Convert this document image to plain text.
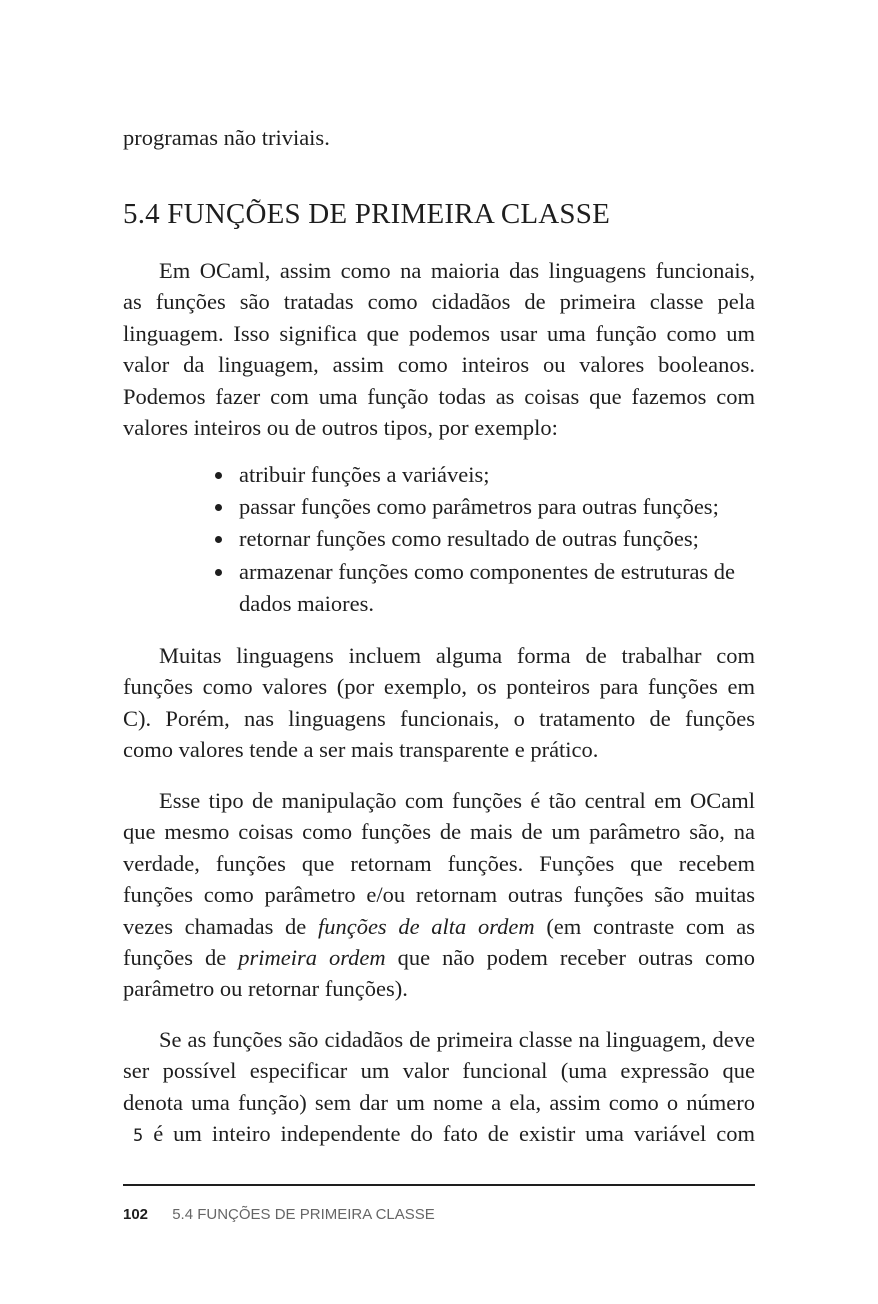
programas não triviais.

5.4 FUNÇÕES DE PRIMEIRA CLASSE

Em OCaml, assim como na maioria das linguagens funcionais,

as funções são tratadas como cidadãos de primeira classe pela

linguagem. Isso significa que podemos usar uma função como um

valor da linguagem, assim como inteiros ou valores booleanos.

Podemos fazer com uma função todas as coisas que fazemos com

valores inteiros ou de outros tipos, por exemplo:

atribuir funções a variáveis;
passar funções como parâmetros para outras funções;
retornar funções como resultado de outras funções;
armazenar funções como componentes de estruturas de dados maiores.

Muitas linguagens incluem alguma forma de trabalhar com

funções como valores (por exemplo, os ponteiros para funções em

C). Porém, nas linguagens funcionais, o tratamento de funções

como valores tende a ser mais transparente e prático.

Esse tipo de manipulação com funções é tão central em OCaml

que mesmo coisas como funções de mais de um parâmetro são, na

verdade, funções que retornam funções. Funções que recebem

funções como parâmetro e/ou retornam outras funções são muitas

vezes chamadas de funções de alta ordem (em contraste com as

funções de primeira ordem que não podem receber outras como

parâmetro ou retornar funções).

Se as funções são cidadãos de primeira classe na linguagem, deve

ser possível especificar um valor funcional (uma expressão que

denota uma função) sem dar um nome a ela, assim como o número

5 é um inteiro independente do fato de existir uma variável com

102 5.4 FUNÇÕES DE PRIMEIRA CLASSE
